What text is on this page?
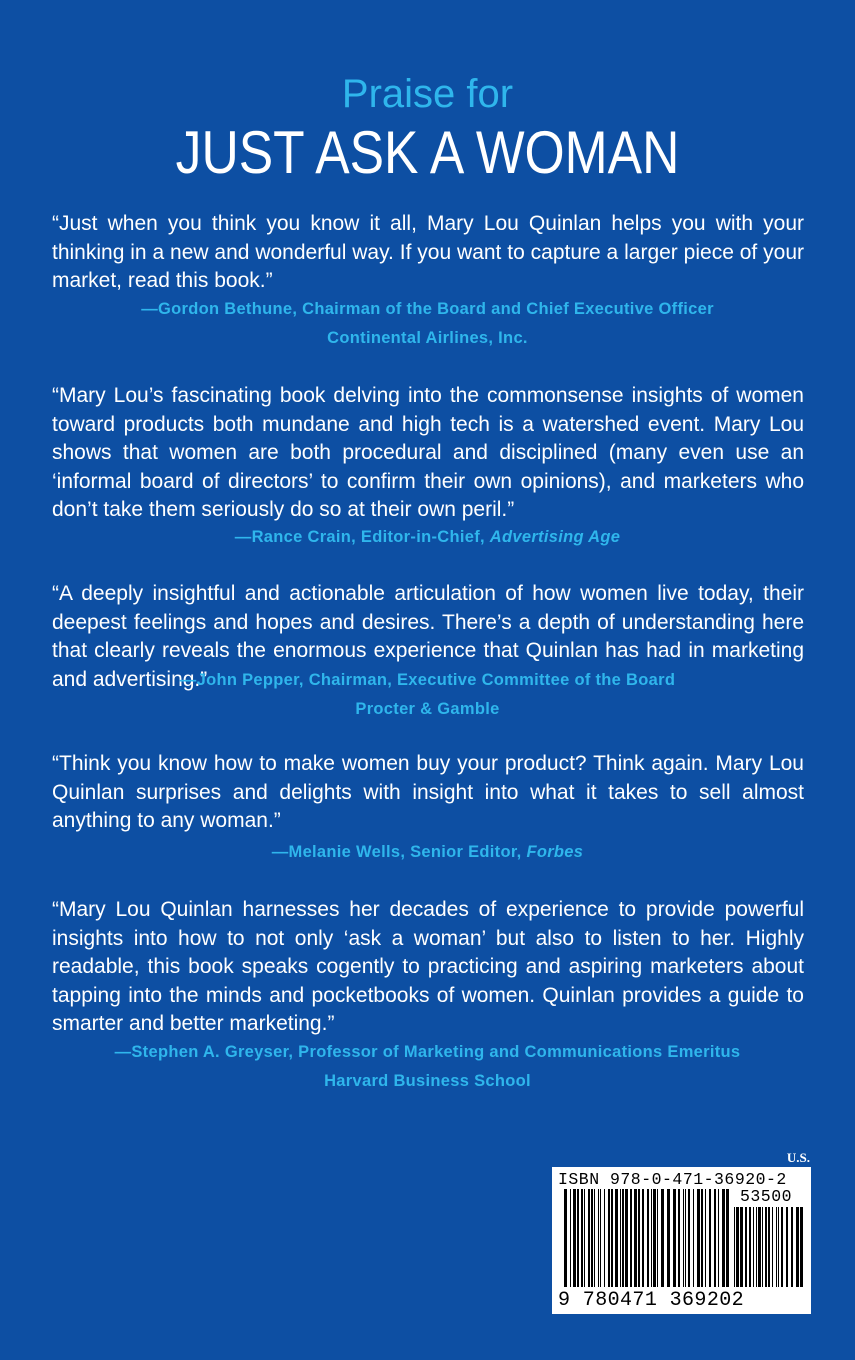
Praise for
JUST ASK A WOMAN
“Just when you think you know it all, Mary Lou Quinlan helps you with your thinking in a new and wonderful way. If you want to capture a larger piece of your market, read this book.”
—Gordon Bethune, Chairman of the Board and Chief Executive Officer
Continental Airlines, Inc.
“Mary Lou’s fascinating book delving into the commonsense insights of women toward products both mundane and high tech is a watershed event. Mary Lou shows that women are both procedural and disciplined (many even use an ‘informal board of directors’ to confirm their own opinions), and marketers who don’t take them seriously do so at their own peril.”
—Rance Crain, Editor-in-Chief, Advertising Age
“A deeply insightful and actionable articulation of how women live today, their deepest feelings and hopes and desires. There’s a depth of understanding here that clearly reveals the enormous experience that Quinlan has had in marketing and advertising.”
—John Pepper, Chairman, Executive Committee of the Board
Procter & Gamble
“Think you know how to make women buy your product? Think again. Mary Lou Quinlan surprises and delights with insight into what it takes to sell almost anything to any woman.”
—Melanie Wells, Senior Editor, Forbes
“Mary Lou Quinlan harnesses her decades of experience to provide powerful insights into how to not only ‘ask a woman’ but also to listen to her. Highly readable, this book speaks cogently to practicing and aspiring marketers about tapping into the minds and pocketbooks of women. Quinlan provides a guide to smarter and better marketing.”
—Stephen A. Greyser, Professor of Marketing and Communications Emeritus
Harvard Business School
U.S.
ISBN 978-0-471-36920-2
53500
9 780471 369202
